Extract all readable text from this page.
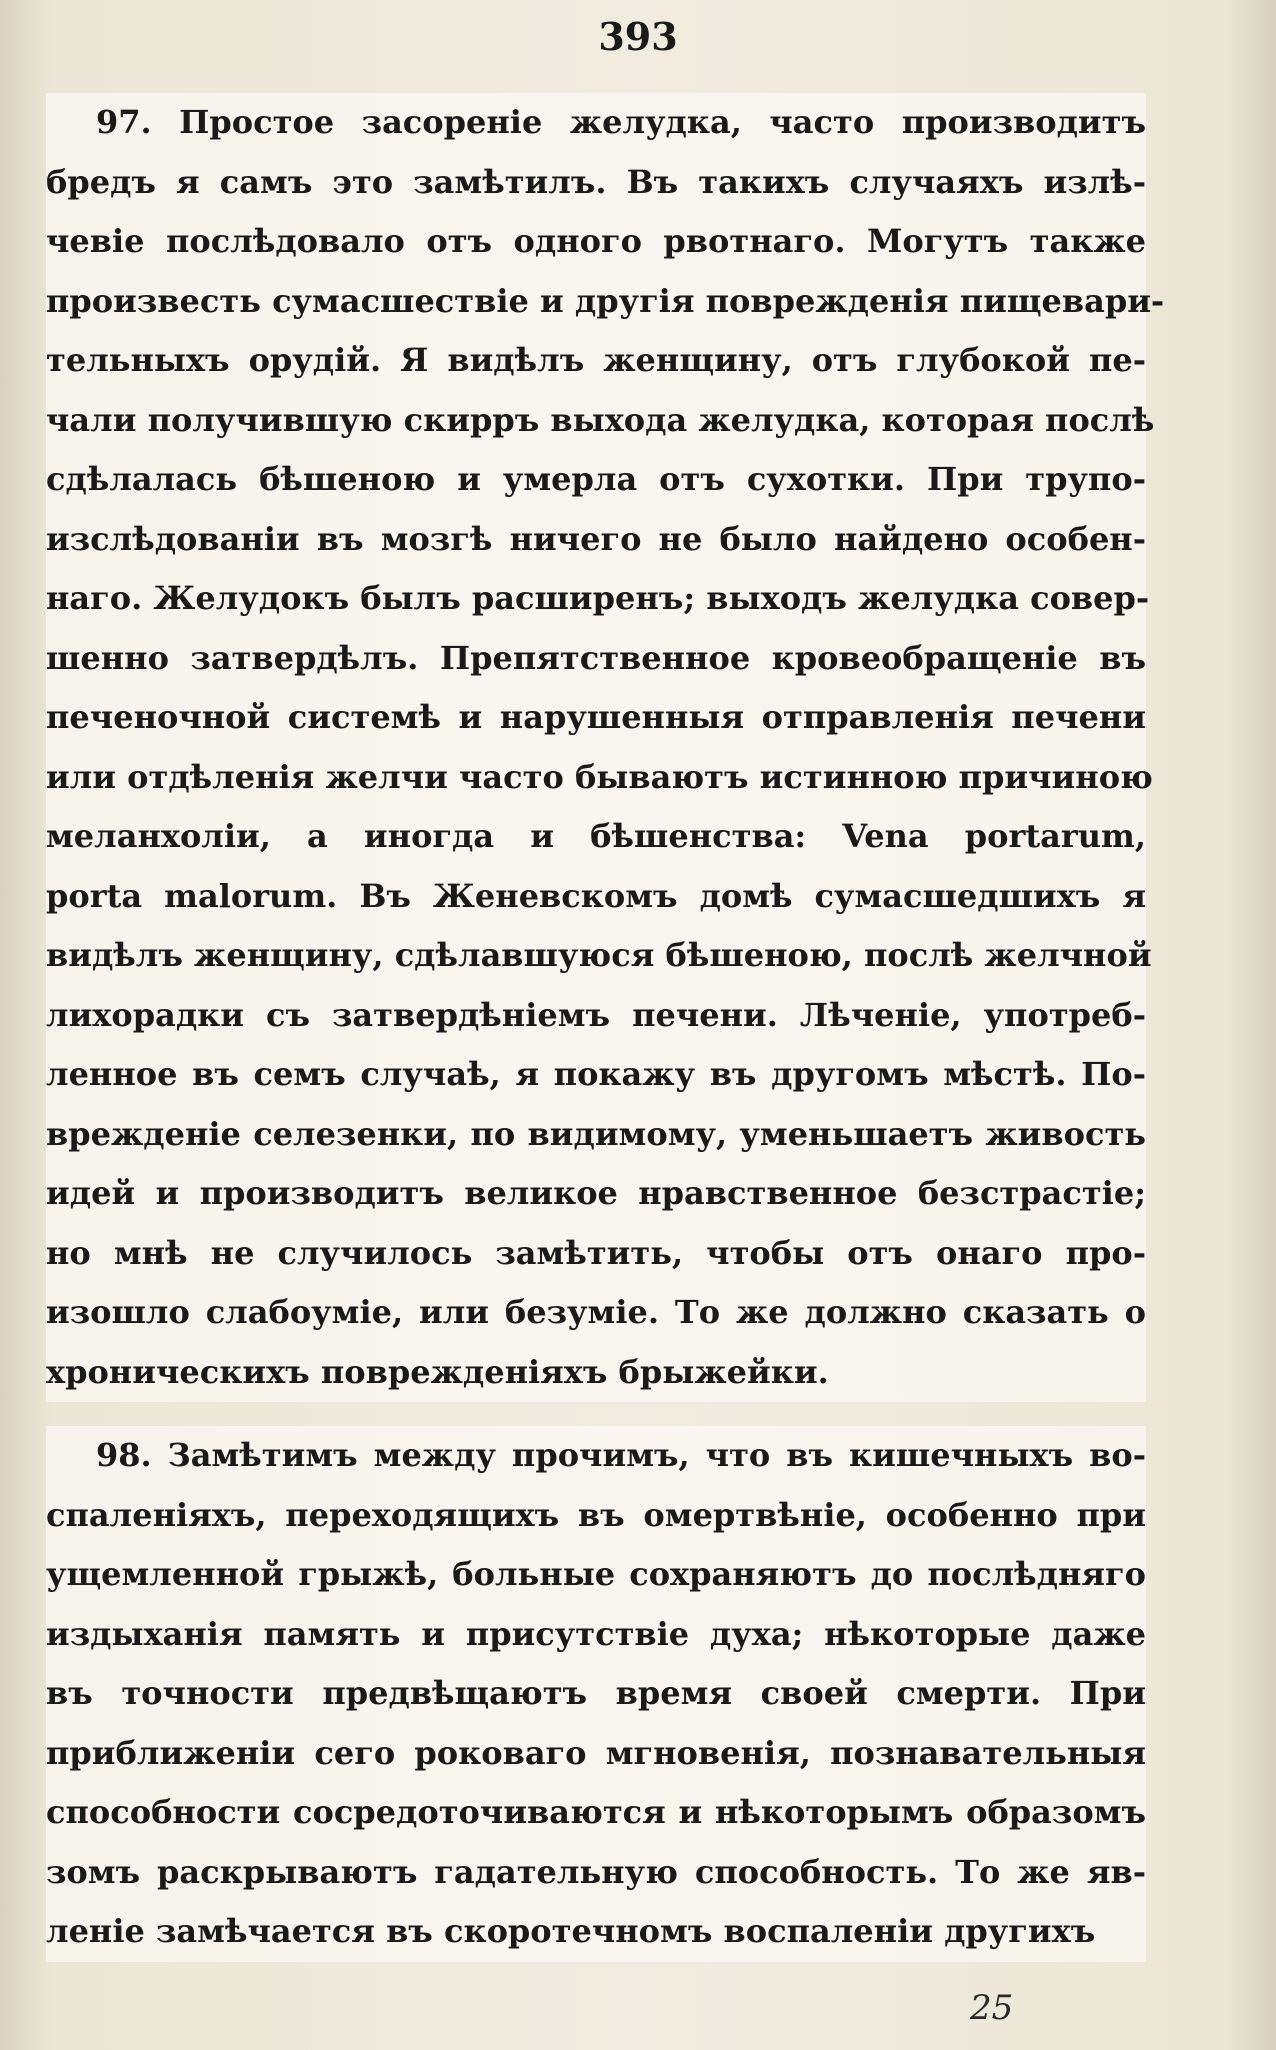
393
97. Простое засореніе желудка, часто производитъ
бредъ я самъ это замѣтилъ. Въ такихъ случаяхъ излѣ-
чевіе послѣдовало отъ одного рвотнаго. Могутъ также
произвесть сумасшествіе и другія поврежденія пищевари-
тельныхъ орудій. Я видѣлъ женщину, отъ глубокой пе-
чали получившую скирръ выхода желудка, которая послѣ
сдѣлалась бѣшеною и умерла отъ сухотки. При трупо-
изслѣдованіи въ мозгѣ ничего не было найдено особен-
наго. Желудокъ былъ расширенъ; выходъ желудка совер-
шенно затвердѣлъ. Препятственное кровеобращеніе въ
печеночной системѣ и нарушенныя отправленія печени
или отдѣленія желчи часто бываютъ истинною причиною
меланхоліи, а иногда и бѣшенства: Vena portarum,
porta malorum. Въ Женевскомъ домѣ сумасшедшихъ я
видѣлъ женщину, сдѣлавшуюся бѣшеною, послѣ желчной
лихорадки съ затвердѣніемъ печени. Лѣченіе, употреб-
ленное въ семъ случаѣ, я покажу въ другомъ мѣстѣ. По-
врежденіе селезенки, по видимому, уменьшаетъ живость
идей и производитъ великое нравственное безстрастіе;
но мнѣ не случилось замѣтить, чтобы отъ онаго про-
изошло слабоуміе, или безуміе. То же должно сказать о
хроническихъ поврежденіяхъ брыжейки.
98. Замѣтимъ между прочимъ, что въ кишечныхъ во-
спаленіяхъ, переходящихъ въ омертвѣніе, особенно при
ущемленной грыжѣ, больные сохраняютъ до послѣдняго
издыханія память и присутствіе духа; нѣкоторые даже
въ точности предвѣщаютъ время своей смерти. При
приближеніи сего роковаго мгновенія, познавательныя
способности сосредоточиваются и нѣкоторымъ образомъ
зомъ раскрываютъ гадательную способность. То же яв-
леніе замѣчается въ скоротечномъ воспаленіи другихъ
25
